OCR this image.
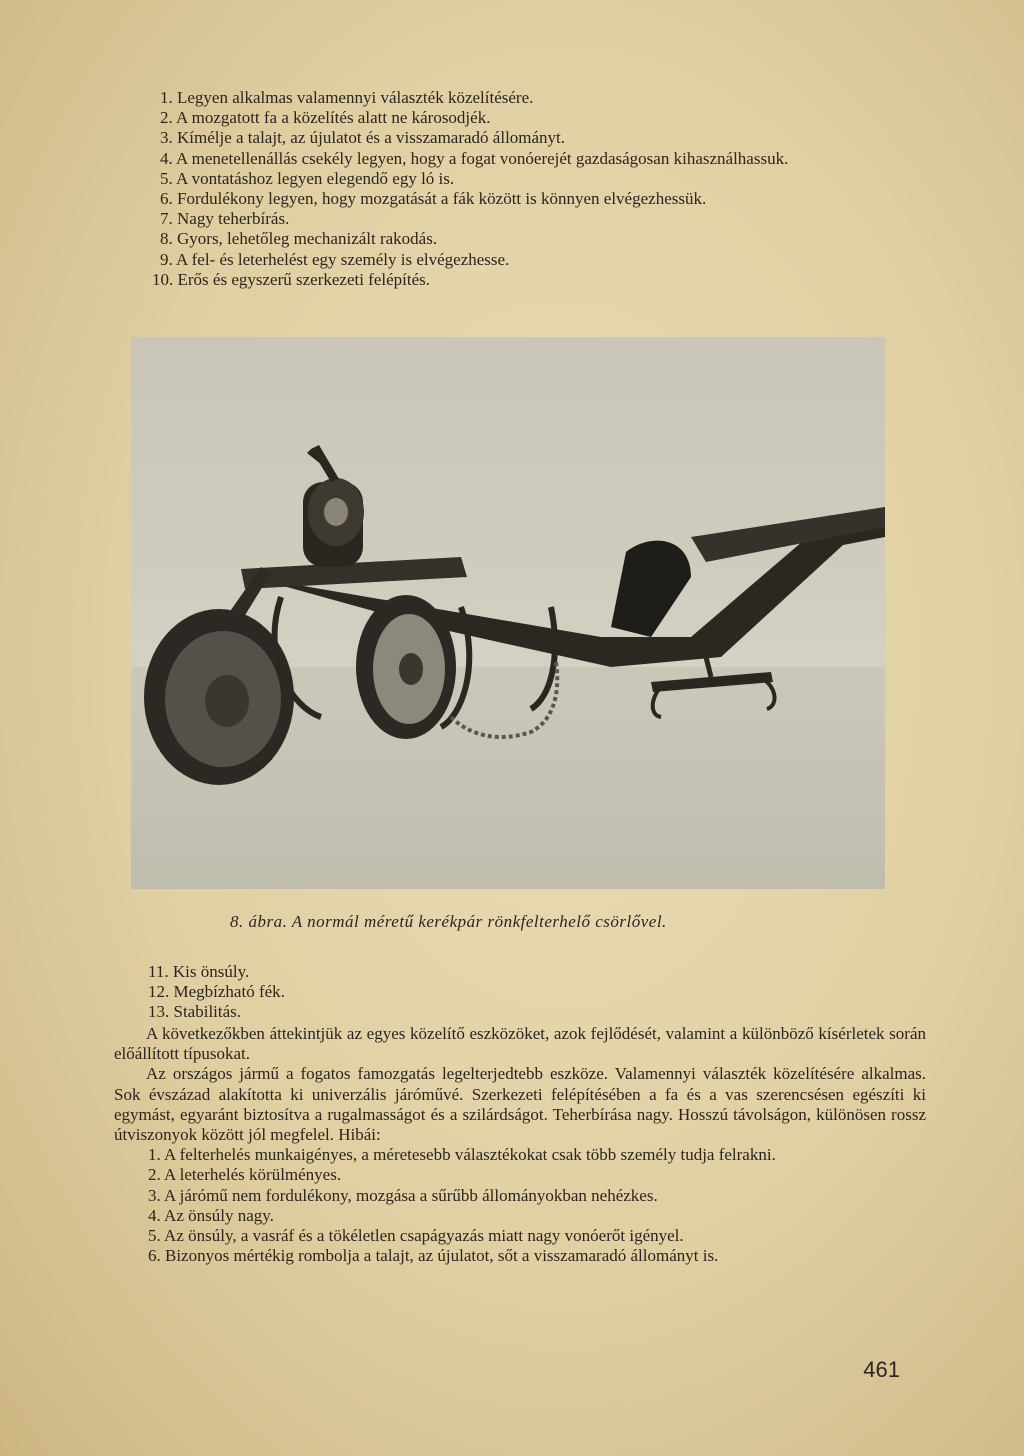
1. Legyen alkalmas valamennyi választék közelítésére.

2. A mozgatott fa a közelítés alatt ne károsodjék.

3. Kímélje a talajt, az újulatot és a visszamaradó állományt.

4. A menetellenállás csekély legyen, hogy a fogat vonóerejét gazdaságosan kihasználhassuk.

5. A vontatáshoz legyen elegendő egy ló is.

6. Fordulékony legyen, hogy mozgatását a fák között is könnyen elvégezhessük.

7. Nagy teherbírás.

8. Gyors, lehetőleg mechanizált rakodás.

9. A fel- és leterhelést egy személy is elvégezhesse.

10. Erős és egyszerű szerkezeti felépítés.

8. ábra. A normál méretű kerékpár rönkfelterhelő csörlővel.

11. Kis önsúly.

12. Megbízható fék.

13. Stabilitás.

A következőkben áttekintjük az egyes közelítő eszközöket, azok fejlődését, valamint a különböző kísérletek során előállított típusokat.

Az országos jármű a fogatos famozgatás legelterjedtebb eszköze. Valamennyi választék közelítésére alkalmas. Sok évszázad alakította ki univerzális járóművé. Szerkezeti felépítésében a fa és a vas szerencsésen egészíti ki egymást, egyaránt biztosítva a rugalmasságot és a szilárdságot. Teherbírása nagy. Hosszú távolságon, különösen rossz útviszonyok között jól megfelel. Hibái:

1. A felterhelés munkaigényes, a méretesebb választékokat csak több személy tudja felrakni.

2. A leterhelés körülményes.

3. A járómű nem fordulékony, mozgása a sűrűbb állományokban nehézkes.

4. Az önsúly nagy.

5. Az önsúly, a vasráf és a tökéletlen csapágyazás miatt nagy vonóerőt igényel.

6. Bizonyos mértékig rombolja a talajt, az újulatot, sőt a visszamaradó állományt is.

461
